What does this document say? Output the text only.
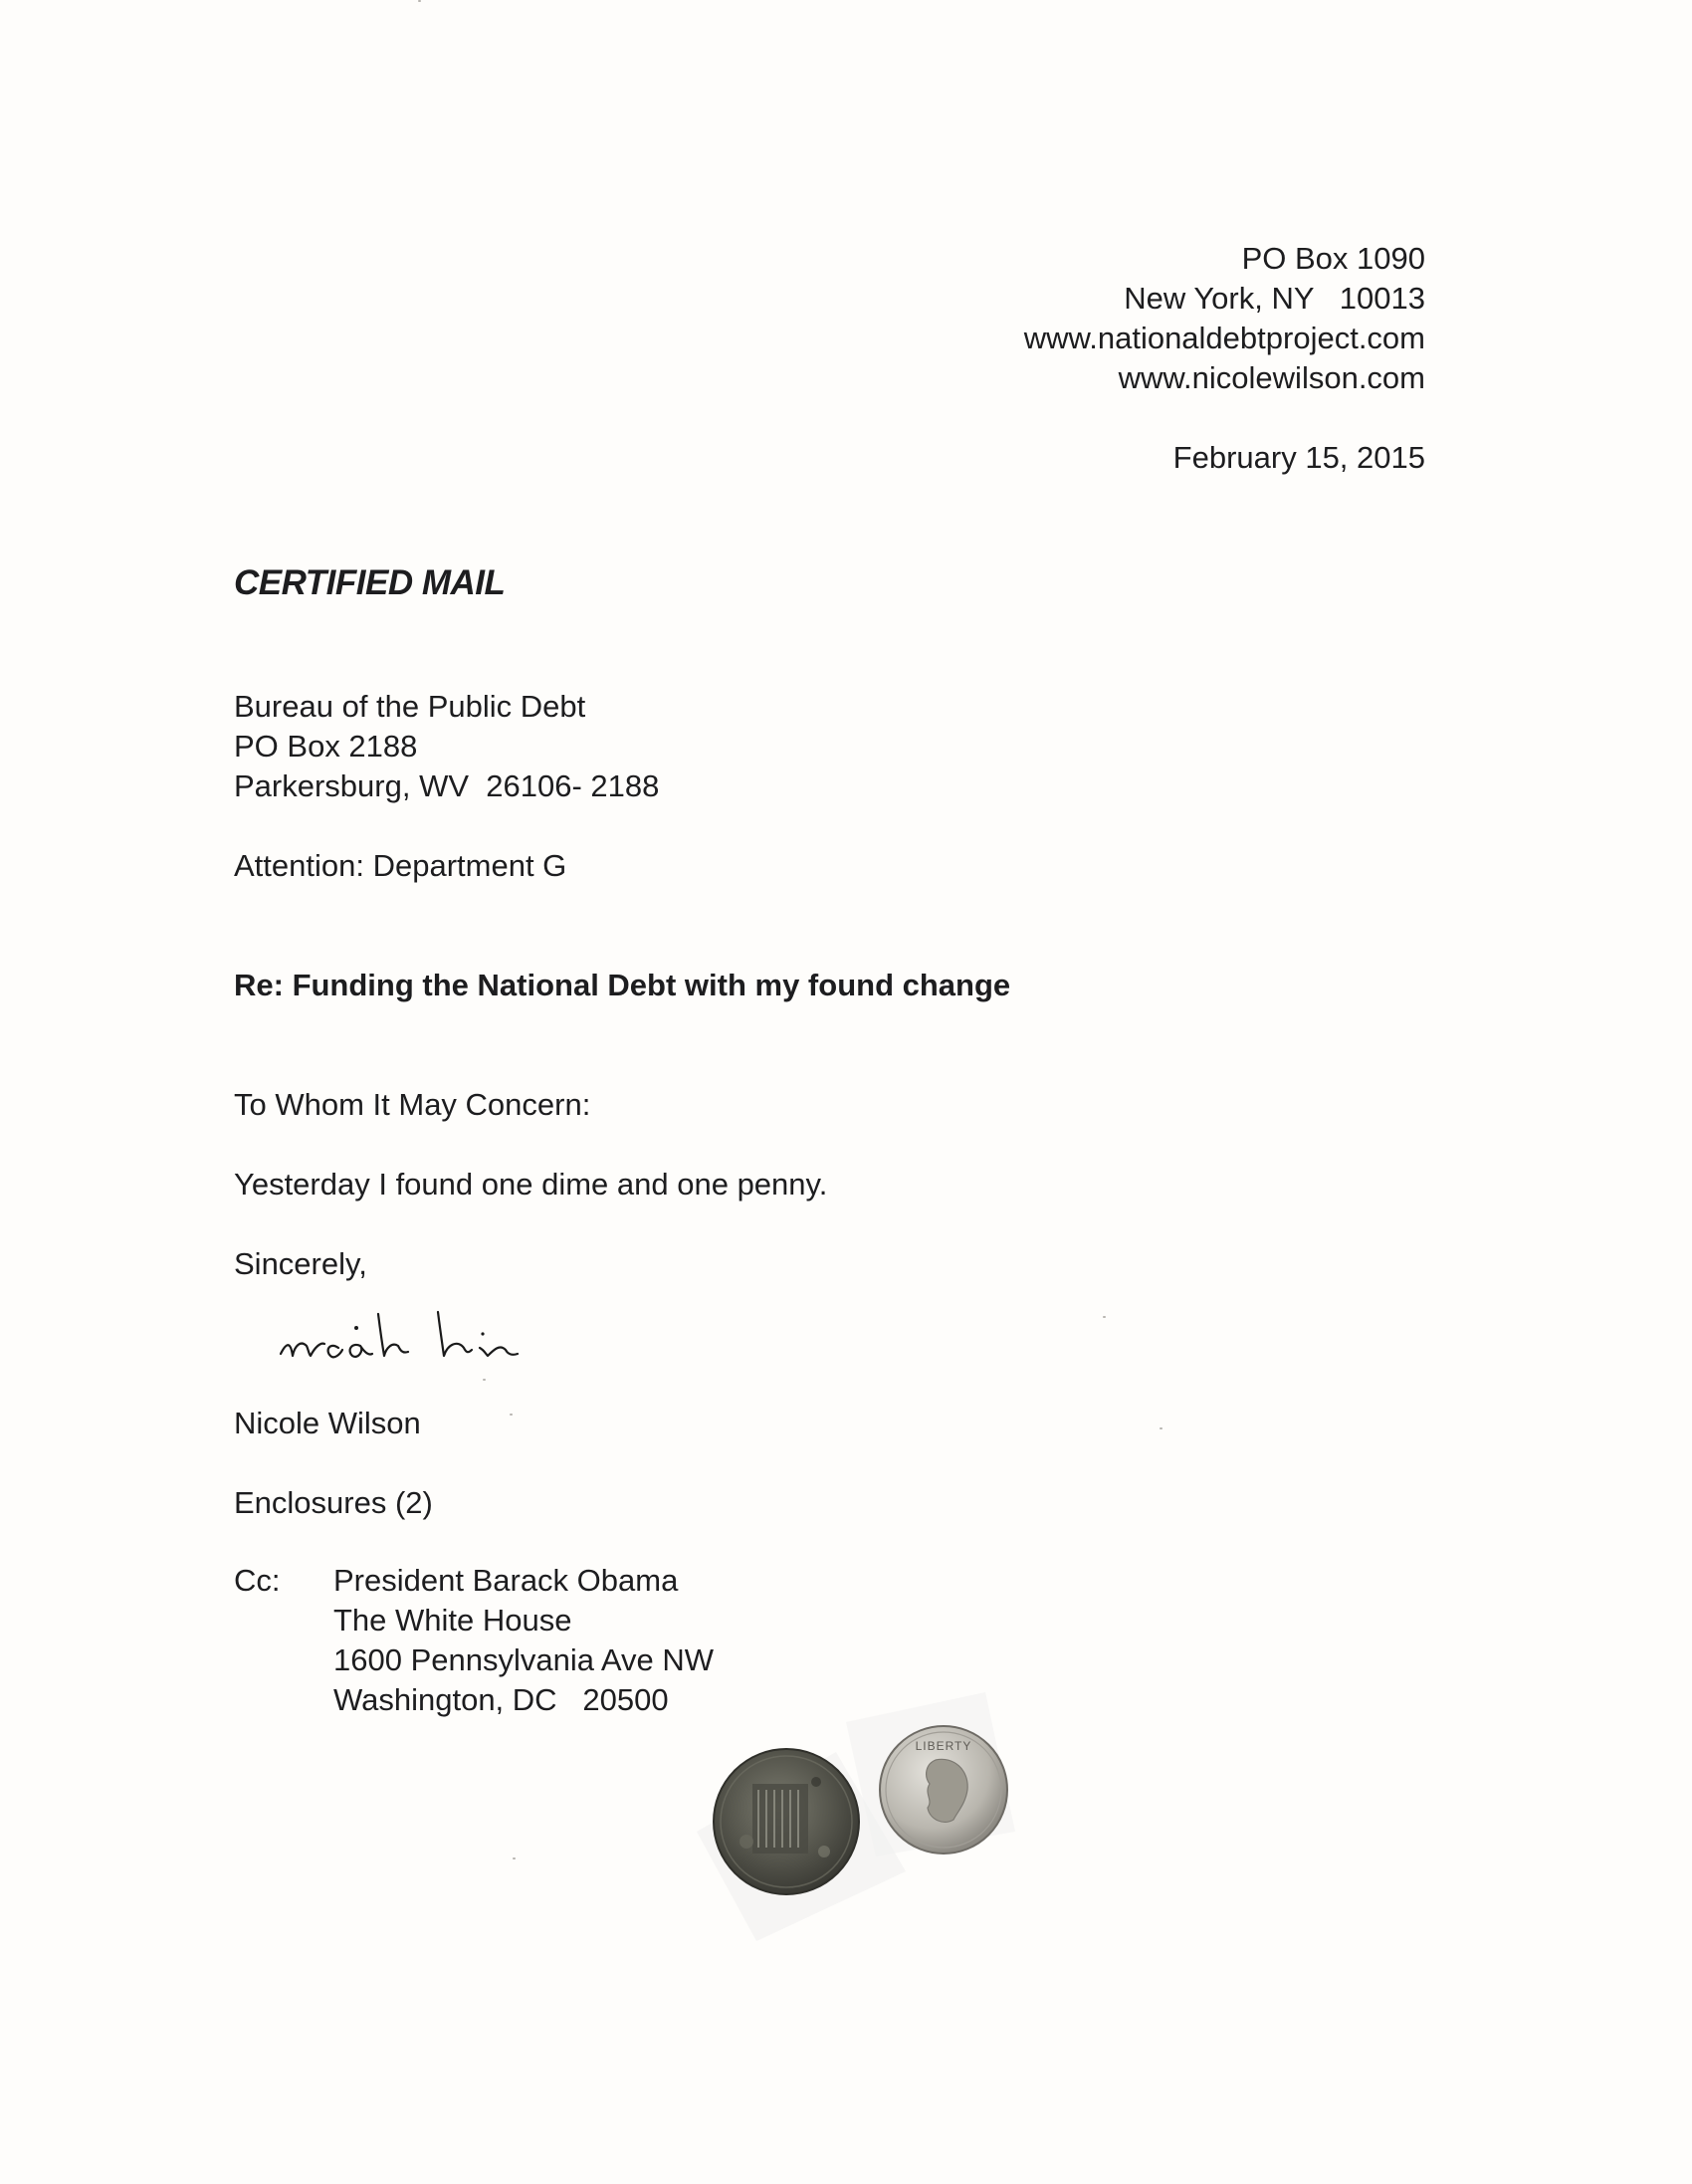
PO Box 1090
New York, NY   10013
www.nationaldebtproject.com
www.nicolewilson.com
February 15, 2015
CERTIFIED MAIL
Bureau of the Public Debt
PO Box 2188
Parkersburg, WV  26106- 2188
Attention: Department G
Re: Funding the National Debt with my found change
To Whom It May Concern:
Yesterday I found one dime and one penny.
Sincerely,
Nicole Wilson
Enclosures (2)
Cc: President Barack Obama
The White House
1600 Pennsylvania Ave NW
Washington, DC   20500
LIBERTY
